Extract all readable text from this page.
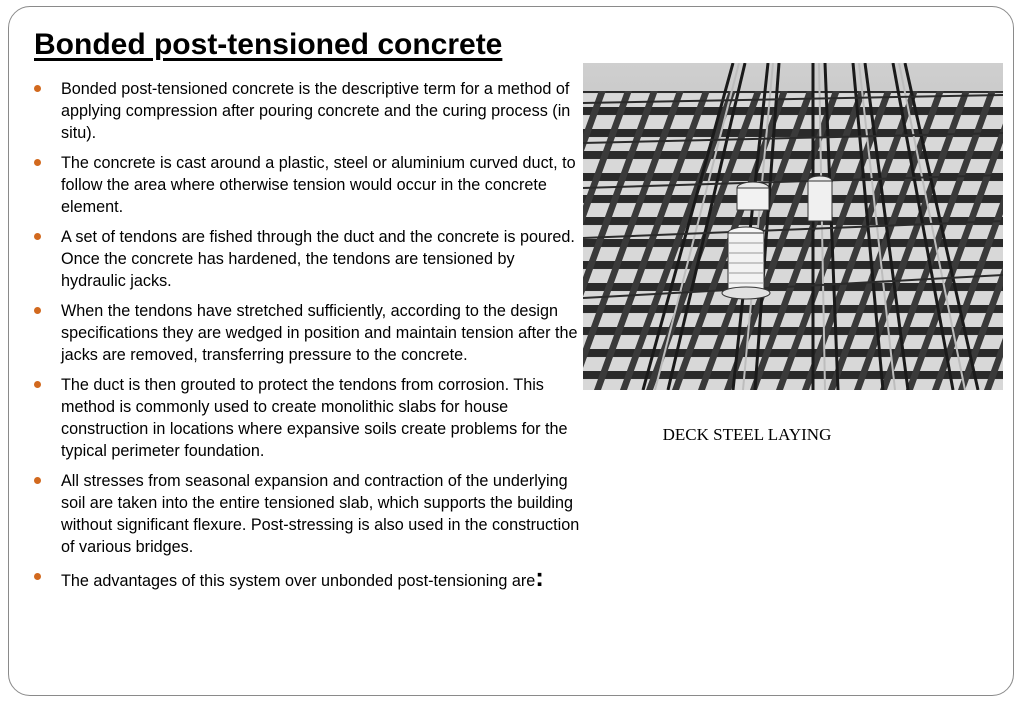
Bonded post-tensioned concrete
Bonded post-tensioned concrete is the descriptive term for a method of applying compression after pouring concrete and the curing process (in situ).
The concrete is cast around a plastic, steel or aluminium curved duct, to follow the area where otherwise tension would occur in the concrete element.
A set of tendons are fished through the duct and the concrete is poured. Once the concrete has hardened, the tendons are tensioned by hydraulic jacks.
When the tendons have stretched sufficiently, according to the design specifications they are wedged in position and maintain tension after the jacks are removed, transferring pressure to the concrete.
The duct is then grouted to protect the tendons from corrosion. This method is commonly used to create monolithic slabs for house construction in locations where expansive soils create problems for the typical perimeter foundation.
All stresses from seasonal expansion and contraction of the underlying soil are taken into the entire tensioned slab, which supports the building without significant flexure. Post-stressing is also used in the construction of various bridges.
The advantages of this system over unbonded post-tensioning are:
DECK STEEL LAYING
